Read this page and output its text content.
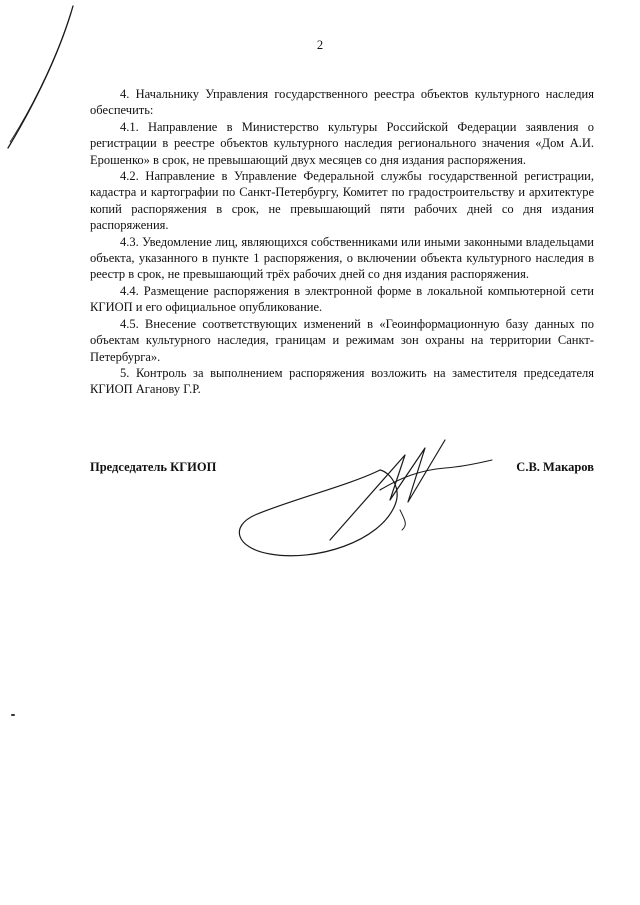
2

4. Начальнику Управления государственного реестра объектов культурного наследия обеспечить:

4.1. Направление в Министерство культуры Российской Федерации заявления о регистрации в реестре объектов культурного наследия регионального значения «Дом А.И. Ерошенко» в срок, не превышающий двух месяцев со дня издания распоряжения.

4.2. Направление в Управление Федеральной службы государственной регистрации, кадастра и картографии по Санкт-Петербургу, Комитет по градостроительству и архитектуре копий распоряжения в срок, не превышающий пяти рабочих дней со дня издания распоряжения.

4.3. Уведомление лиц, являющихся собственниками или иными законными владельцами объекта, указанного в пункте 1 распоряжения, о включении объекта культурного наследия в реестр в срок, не превышающий трёх рабочих дней со дня издания распоряжения.

4.4. Размещение распоряжения в электронной форме в локальной компьютерной сети КГИОП и его официальное опубликование.

4.5. Внесение соответствующих изменений в «Геоинформационную базу данных по объектам культурного наследия, границам и режимам зон охраны на территории Санкт-Петербурга».

5. Контроль за выполнением распоряжения возложить на заместителя председателя КГИОП Аганову Г.Р.

Председатель КГИОП	С.В. Макаров
